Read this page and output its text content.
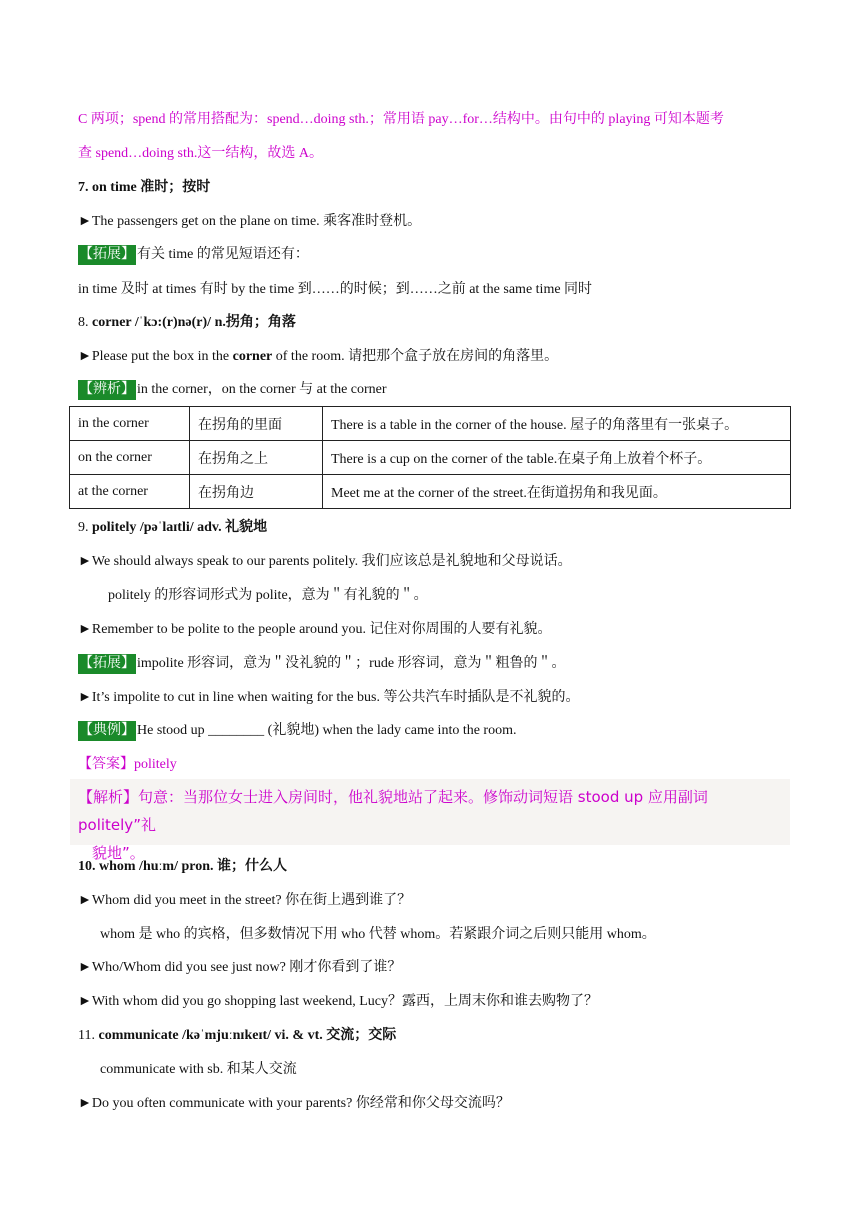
C 两项；spend 的常用搭配为：spend…doing sth.；常用语 pay…for…结构中。由句中的 playing 可知本题考
查 spend…doing sth.这一结构，故选 A。
7. on time 准时；按时
►The passengers get on the plane on time. 乘客准时登机。
【拓展】 有关 time 的常见短语还有：
in time 及时 at times 有时 by the time 到……的时候；到……之前 at the same time 同时
8. corner /ˈkɔ:(r)nə(r)/ n.拐角；角落
►Please put the box in the corner of the room. 请把那个盒子放在房间的角落里。
【辨析】 in the corner，on the corner 与 at the corner
in the corner	在拐角的里面	There is a table in the corner of the house. 屋子的角落里有一张桌子。
on the corner	在拐角之上	There is a cup on the corner of the table.在桌子角上放着个杯子。
at the corner	在拐角边	Meet me at the corner of the street.在街道拐角和我见面。
9. politely /pəˈlaɪtli/ adv. 礼貌地
►We should always speak to our parents politely. 我们应该总是礼貌地和父母说话。
politely 的形容词形式为 polite，意为＂有礼貌的＂。
►Remember to be polite to the people around you. 记住对你周围的人要有礼貌。
【拓展】 impolite 形容词，意为＂没礼貌的＂；rude 形容词，意为＂粗鲁的＂。
►It’s impolite to cut in line when waiting for the bus. 等公共汽车时插队是不礼貌的。
【典例】 He stood up ________ (礼貌地) when the lady came into the room.
【答案】politely
【解析】句意：当那位女士进入房间时，他礼貌地站了起来。修饰动词短语 stood up 应用副词 politely”礼
貌地”。
10. whom /huːm/ pron. 谁；什么人
►Whom did you meet in the street? 你在街上遇到谁了？
whom 是 who 的宾格，但多数情况下用 who 代替 whom。若紧跟介词之后则只能用 whom。
►Who/Whom did you see just now? 刚才你看到了谁？
►With whom did you go shopping last weekend, Lucy？露西，上周末你和谁去购物了？
11. communicate /kəˈmjuːnɪkeɪt/ vi. & vt. 交流；交际
communicate with sb. 和某人交流
►Do you often communicate with your parents? 你经常和你父母交流吗？
